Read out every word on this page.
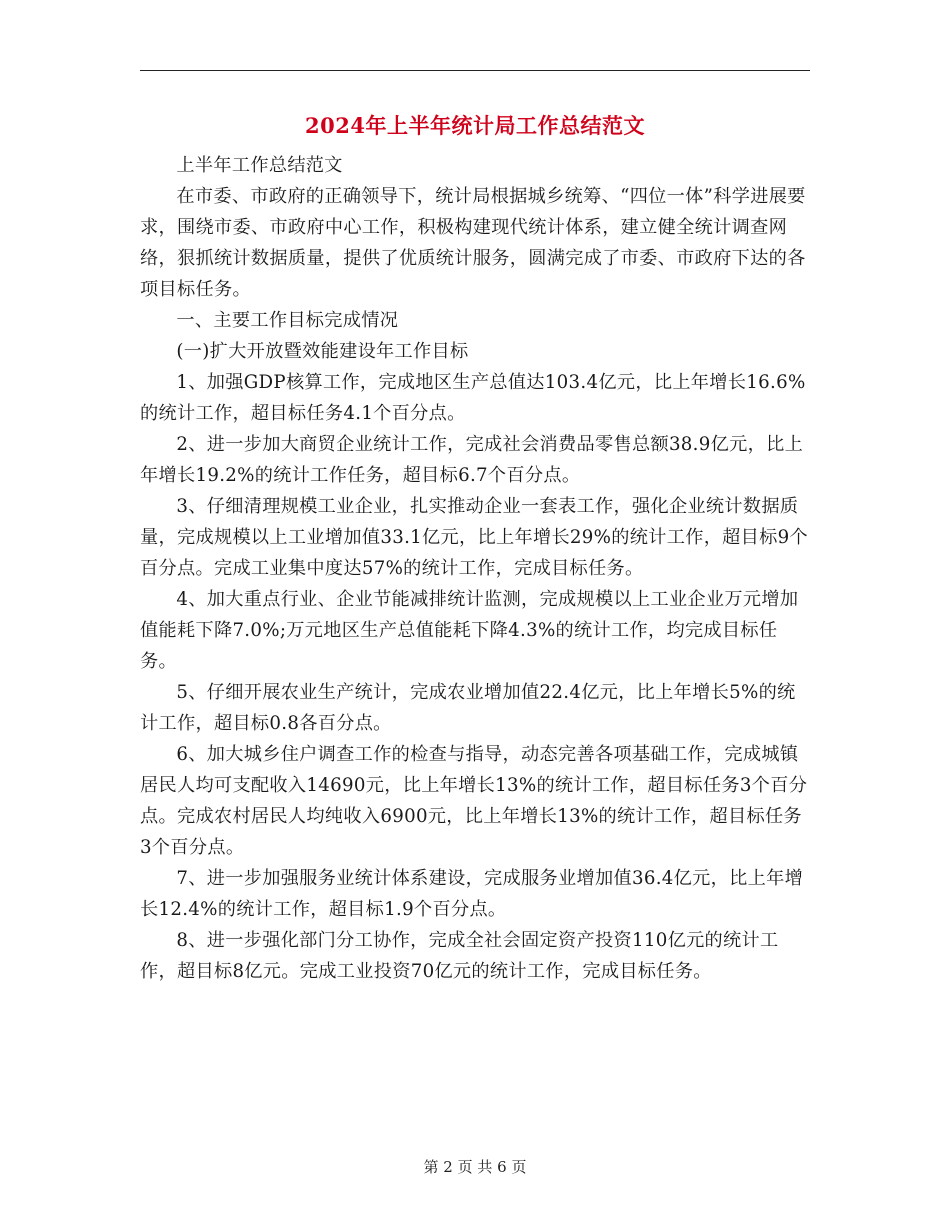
2024年上半年统计局工作总结范文

上半年工作总结范文

在市委、市政府的正确领导下，统计局根据城乡统筹、“四位一体”科学进展要求，围绕市委、市政府中心工作，积极构建现代统计体系，建立健全统计调查网络，狠抓统计数据质量，提供了优质统计服务，圆满完成了市委、市政府下达的各项目标任务。

一、主要工作目标完成情况

(一)扩大开放暨效能建设年工作目标

1、加强GDP核算工作，完成地区生产总值达103.4亿元，比上年增长16.6%的统计工作，超目标任务4.1个百分点。

2、进一步加大商贸企业统计工作，完成社会消费品零售总额38.9亿元，比上年增长19.2%的统计工作任务，超目标6.7个百分点。

3、仔细清理规模工业企业，扎实推动企业一套表工作，强化企业统计数据质量，完成规模以上工业增加值33.1亿元，比上年增长29%的统计工作，超目标9个百分点。完成工业集中度达57%的统计工作，完成目标任务。

4、加大重点行业、企业节能减排统计监测，完成规模以上工业企业万元增加值能耗下降7.0%;万元地区生产总值能耗下降4.3%的统计工作，均完成目标任务。

5、仔细开展农业生产统计，完成农业增加值22.4亿元，比上年增长5%的统计工作，超目标0.8各百分点。

6、加大城乡住户调查工作的检查与指导，动态完善各项基础工作，完成城镇居民人均可支配收入14690元，比上年增长13%的统计工作，超目标任务3个百分点。完成农村居民人均纯收入6900元，比上年增长13%的统计工作，超目标任务3个百分点。

7、进一步加强服务业统计体系建设，完成服务业增加值36.4亿元，比上年增长12.4%的统计工作，超目标1.9个百分点。

8、进一步强化部门分工协作，完成全社会固定资产投资110亿元的统计工作，超目标8亿元。完成工业投资70亿元的统计工作，完成目标任务。

第 2 页 共 6 页
